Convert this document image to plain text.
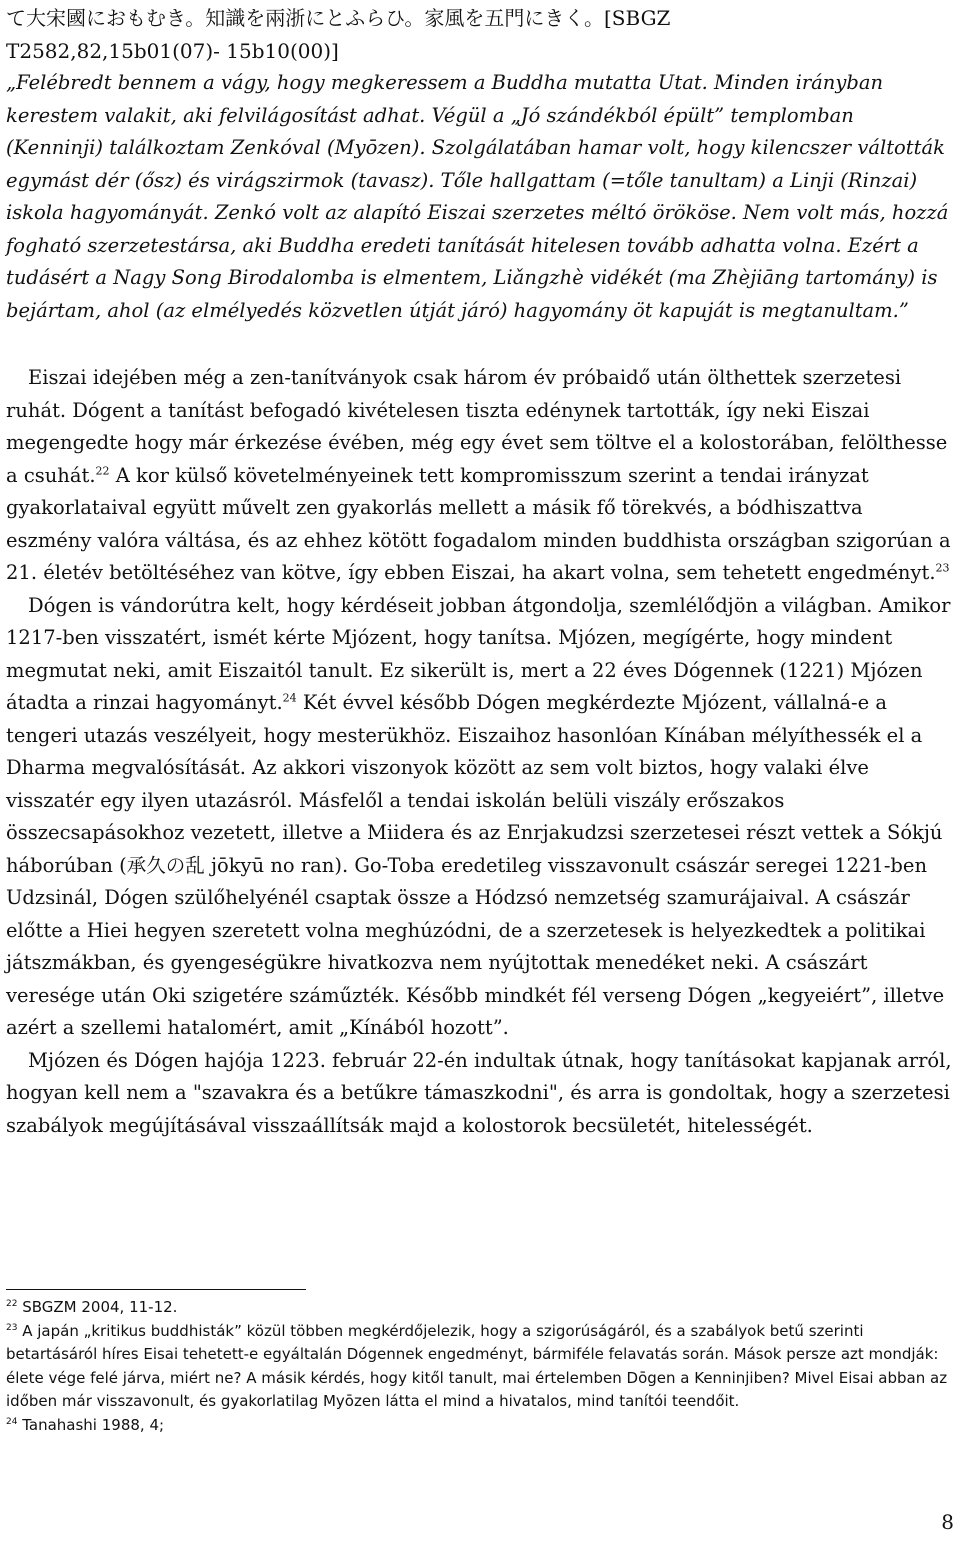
て大宋國におもむき。知識を兩浙にとふらひ。家風を五門にきく。[SBGZ

T2582,82,15b01(07)- 15b10(00)]

„Felébredt bennem a vágy, hogy megkeressem a Buddha mutatta Utat. Minden irányban kerestem valakit, aki felvilágosítást adhat. Végül a „Jó szándékból épült” templomban (Kenninji) találkoztam Zenkóval (Myōzen). Szolgálatában hamar volt, hogy kilencszer váltották egymást dér (ősz) és virágszirmok (tavasz). Tőle hallgattam (=tőle tanultam) a Linji (Rinzai) iskola hagyományát. Zenkó volt az alapító Eiszai szerzetes méltó örököse. Nem volt más, hozzá fogható szerzetestársa, aki Buddha eredeti tanítását hitelesen tovább adhatta volna. Ezért a tudásért a Nagy Song Birodalomba is elmentem, Liǎngzhè vidékét (ma Zhèjiāng tartomány) is bejártam, ahol (az elmélyedés közvetlen útját járó) hagyomány öt kapuját is megtanultam.”

Eiszai idejében még a zen-tanítványok csak három év próbaidő után ölthettek szerzetesi ruhát. Dógent a tanítást befogadó kivételesen tiszta edénynek tartották, így neki Eiszai megengedte hogy már érkezése évében, még egy évet sem töltve el a kolostorában, felölthesse a csuhát.$^{22}$ A kor külső követelményeinek tett kompromisszum szerint a tendai irányzat gyakorlataival együtt művelt zen gyakorlás mellett a másik fő törekvés, a bódhiszattva eszmény valóra váltása, és az ehhez kötött fogadalom minden buddhista országban szigorúan a 21. életév betöltéséhez van kötve, így ebben Eiszai, ha akart volna, sem tehetett engedményt.$^{23}$

Dógen is vándorútra kelt, hogy kérdéseit jobban átgondolja, szemlélődjön a világban. Amikor 1217-ben visszatért, ismét kérte Mjózent, hogy tanítsa. Mjózen, megígérte, hogy mindent megmutat neki, amit Eiszaitól tanult. Ez sikerült is, mert a 22 éves Dógennek (1221) Mjózen átadta a rinzai hagyományt.$^{24}$ Két évvel később Dógen megkérdezte Mjózent, vállalná-e a tengeri utazás veszélyeit, hogy mesterükhöz. Eiszaihoz hasonlóan Kínában mélyíthessék el a Dharma megvalósítását. Az akkori viszonyok között az sem volt biztos, hogy valaki élve visszatér egy ilyen utazásról. Másfelől a tendai iskolán belüli viszály erőszakos összecsapásokhoz vezetett, illetve a Miidera és az Enrjakudzsi szerzetesei részt vettek a Sókjú háborúban (承久の乱 jōkyū no ran). Go-Toba eredetileg visszavonult császár seregei 1221-ben Udzsinál, Dógen szülőhelyénél csaptak össze a Hódzsó nemzetség szamurájaival. A császár előtte a Hiei hegyen szeretett volna meghúzódni, de a szerzetesek is helyezkedtek a politikai játszmákban, és gyengeségükre hivatkozva nem nyújtottak menedéket neki. A császárt veresége után Oki szigetére száműzték. Később mindkét fél verseng Dógen „kegyeiért”, illetve azért a szellemi hatalomért, amit „Kínából hozott”.

Mjózen és Dógen hajója 1223. február 22-én indultak útnak, hogy tanításokat kapjanak arról, hogyan kell nem a "szavakra és a betűkre támaszkodni", és arra is gondoltak, hogy a szerzetesi szabályok megújításával visszaállítsák majd a kolostorok becsületét, hitelességét.

$^{22}$ SBGZM 2004, 11-12.

$^{23}$ A japán „kritikus buddhisták” közül többen megkérdőjelezik, hogy a szigorúságáról, és a szabályok betű szerinti betartásáról híres Eisai tehetett-e egyáltalán Dógennek engedményt, bármiféle felavatás során. Mások persze azt mondják: élete vége felé járva, miért ne? A másik kérdés, hogy kitől tanult, mai értelemben Dōgen a Kenninjiben? Mivel Eisai abban az időben már visszavonult, és gyakorlatilag Myōzen látta el mind a hivatalos, mind tanítói teendőit.

$^{24}$ Tanahashi 1988, 4;

8
